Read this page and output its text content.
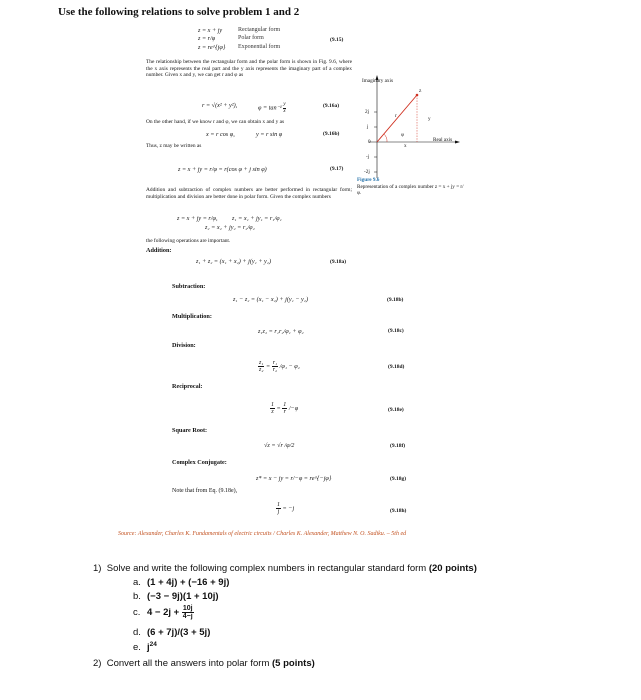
Use the following relations to solve problem 1 and 2
z = x + jy	Rectangular form
z = r/φ	Polar form	(9.15)
z = re^{jφ} Exponential form
The relationship between the rectangular form and the polar form is shown in Fig. 9.6, where the x axis represents the real part and the y axis represents the imaginary part of a complex number. Given x and y, we can get r and φ as
r = √(x² + y²),	$\varphi = \tan^{-1} \frac{y}{x}$	(9.16a)
On the other hand, if we know r and φ, we can obtain x and y as
x = r cos φ,	y = r sin φ	(9.16b)
Thus, z may be written as
z = x + jy = r/φ = r(cos φ + j sin φ)	(9.17)
Addition and subtraction of complex numbers are better performed in rectangular form; multiplication and division are better done in polar form. Given the complex numbers
z = x + jy = r/φ, z₁ = x₁ + jy₁ = r₁/φ₁
z₂ = x₂ + jy₂ = r₂/φ₂
the following operations are important.
Imaginary axis
Real axis
2j
j
0
-j
-2j
z
r
φ
y
x
Figure 9.6
Representation of a complex number z = x + jy = r/φ.
Addition:
z₁ + z₂ = (x₁ + x₂) + j(y₁ + y₂)	(9.18a)
Subtraction:
z₁ − z₂ = (x₁ − x₂) + j(y₁ − y₂)	(9.18b)
Multiplication:
z₁z₂ = r₁r₂/φ₁ + φ₂	(9.18c)
Division:
$\frac{\text{z₁}}{\text{z₂}} = \frac{\text{r₁}}{\text{r₂}} /\varphi_1 - \varphi_2$	(9.18d)
Reciprocal:
$\frac{1}{z} = \frac{1}{r} /-\varphi$	(9.18e)
Square Root:
√z = √r /φ/2	(9.18f)
Complex Conjugate:
z* = x − jy = r/−φ = re^{−jφ}	(9.18g)
Note that from Eq. (9.18e),
$\frac{1}{j} = -j$	(9.18h)
Source: Alexander, Charles K. Fundamentals of electric circuits / Charles K. Alexander, Matthew N. O. Sadiku. – 5th ed
1) Solve and write the following complex numbers in rectangular standard form (20 points)
a. (1 + 4j) + (−16 + 9j)
b. (−3 − 9j)(1 + 10j)
c. $4 - 2j + \frac{10j}{4-j}$
d. (6 + 7j)/(3 + 5j)
e. $j^{24}$
2) Convert all the answers into polar form (5 points)
